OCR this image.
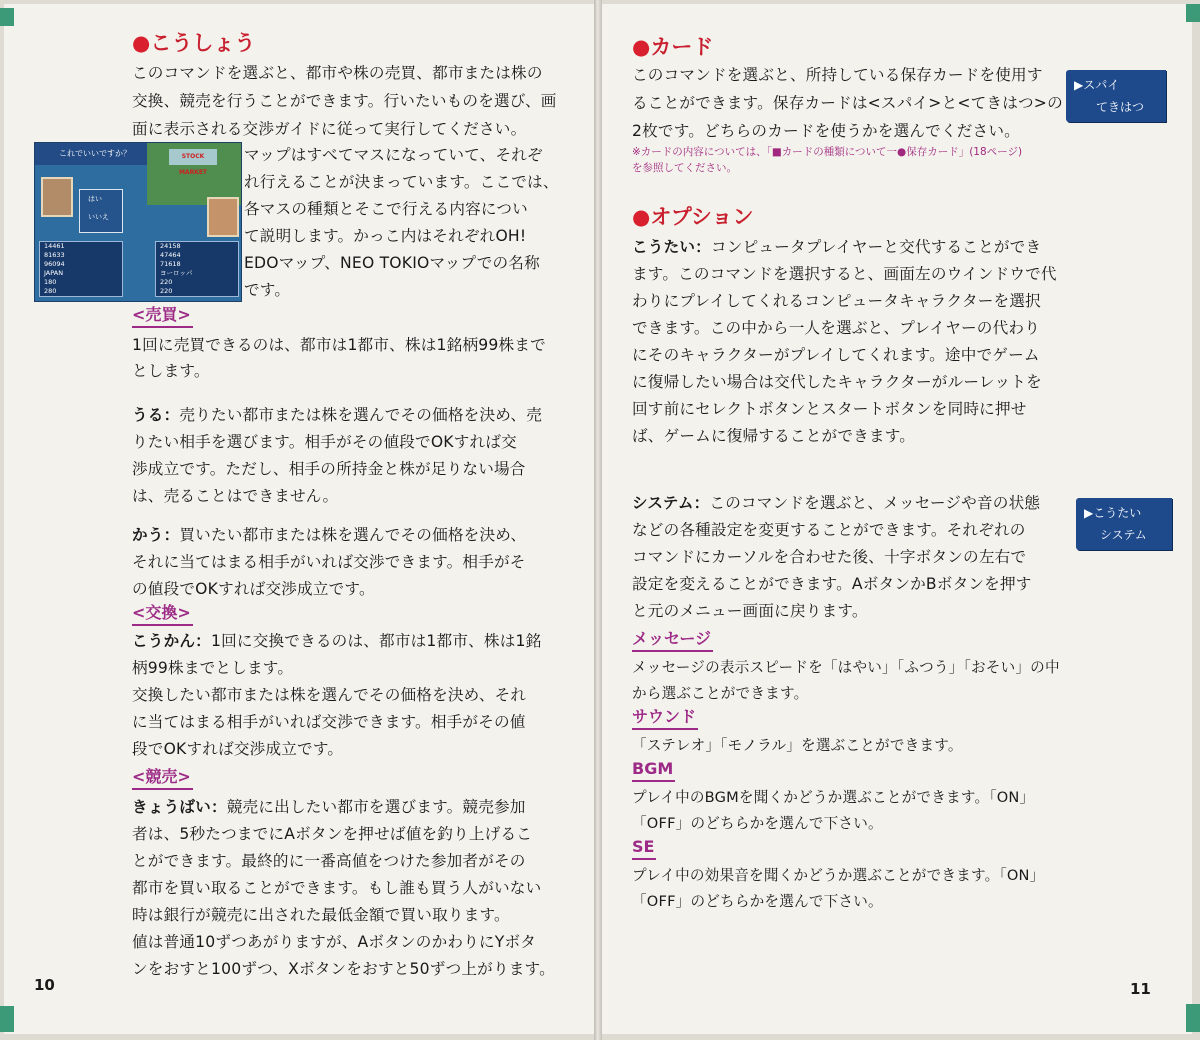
●こうしょう
このコマンドを選ぶと、都市や株の売買、都市または株の
交換、競売を行うことができます。行いたいものを選び、画
面に表示される交渉ガイドに従って実行してください。
これでいいですか？	STOCK MARKET
はい
いいえ
14461
81633
96094
JAPAN
180
280
24158
47464
71618
ヨーロッパ
220
220
マップはすべてマスになっていて、それぞ
れ行えることが決まっています。ここでは、
各マスの種類とそこで行える内容につい
て説明します。かっこ内はそれぞれOH!
EDOマップ、NEO TOKIOマップでの名称
です。
<売買>
1回に売買できるのは、都市は1都市、株は1銘柄99株まで
とします。
うる：売りたい都市または株を選んでその価格を決め、売
りたい相手を選びます。相手がその値段でOKすれば交
渉成立です。ただし、相手の所持金と株が足りない場合
は、売ることはできません。
かう：買いたい都市または株を選んでその価格を決め、
それに当てはまる相手がいれば交渉できます。相手がそ
の値段でOKすれば交渉成立です。
<交換>
こうかん：1回に交換できるのは、都市は1都市、株は1銘
柄99株までとします。
交換したい都市または株を選んでその価格を決め、それ
に当てはまる相手がいれば交渉できます。相手がその値
段でOKすれば交渉成立です。
<競売>
きょうばい：競売に出したい都市を選びます。競売参加
者は、5秒たつまでにAボタンを押せば値を釣り上げるこ
とができます。最終的に一番高値をつけた参加者がその
都市を買い取ることができます。もし誰も買う人がいない
時は銀行が競売に出された最低金額で買い取ります。
値は普通10ずつあがりますが、AボタンのかわりにYボタ
ンをおすと100ずつ、Xボタンをおすと50ずつ上がります。
10
●カード
このコマンドを選ぶと、所持している保存カードを使用す
ることができます。保存カードは<スパイ>と<てきはつ>の
2枚です。どちらのカードを使うかを選んでください。
※カードの内容については、「■カードの種類について一●保存カード」(18ページ)
を参照してください。
▶スパイ
てきはつ
●オプション
こうたい：コンピュータプレイヤーと交代することができ
ます。このコマンドを選択すると、画面左のウインドウで代
わりにプレイしてくれるコンピュータキャラクターを選択
できます。この中から一人を選ぶと、プレイヤーの代わり
にそのキャラクターがプレイしてくれます。途中でゲーム
に復帰したい場合は交代したキャラクターがルーレットを
回す前にセレクトボタンとスタートボタンを同時に押せ
ば、ゲームに復帰することができます。
システム：このコマンドを選ぶと、メッセージや音の状態
などの各種設定を変更することができます。それぞれの
コマンドにカーソルを合わせた後、十字ボタンの左右で
設定を変えることができます。AボタンかBボタンを押す
と元のメニュー画面に戻ります。
▶こうたい
システム
メッセージ
メッセージの表示スピードを「はやい」「ふつう」「おそい」の中
から選ぶことができます。
サウンド
「ステレオ」「モノラル」を選ぶことができます。
BGM
プレイ中のBGMを聞くかどうか選ぶことができます。「ON」
「OFF」のどちらかを選んで下さい。
SE
プレイ中の効果音を聞くかどうか選ぶことができます。「ON」
「OFF」のどちらかを選んで下さい。
11
